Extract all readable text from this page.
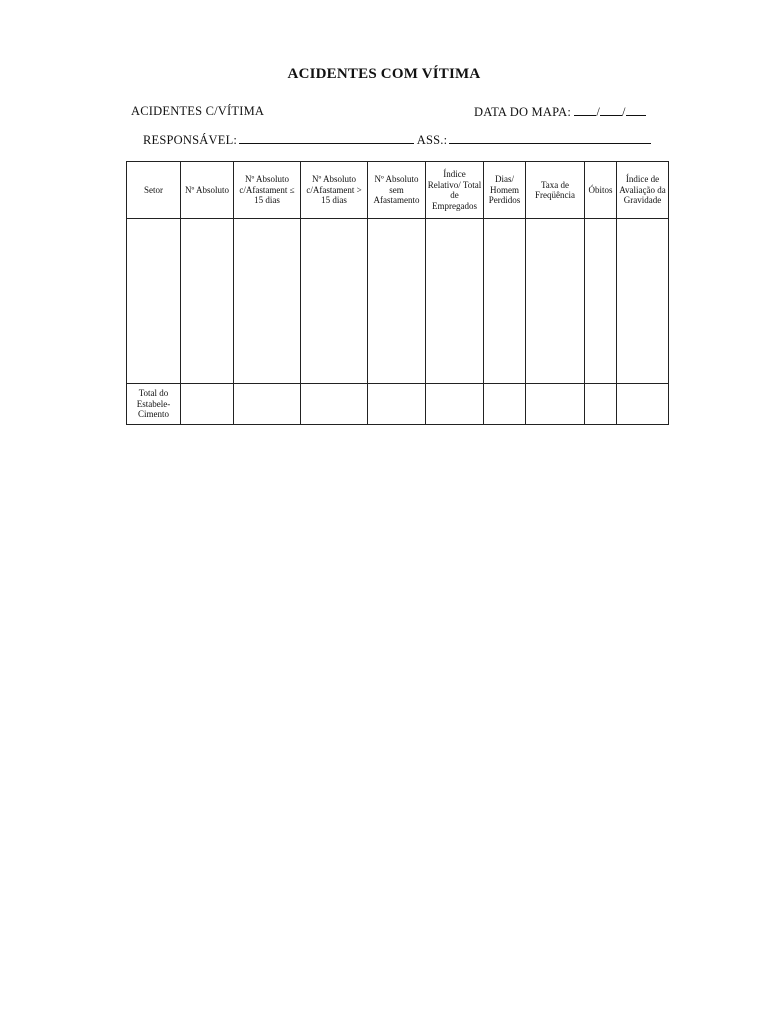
ACIDENTES COM VÍTIMA
ACIDENTES C/VÍTIMA	DATA DO MAPA: / /
RESPONSÁVEL:	ASS.:
Setor	Nº Absoluto	Nº Absoluto c/Afastament ≤ 15 dias	Nº Absoluto c/Afastament > 15 dias	Nº Absoluto sem Afastamento	Índice Relativo/ Total de Empregados	Dias/ Homem Perdidos	Taxa de Freqüência	Óbitos	Índice de Avaliação da Gravidade

Total do Estabele-Cimento									
